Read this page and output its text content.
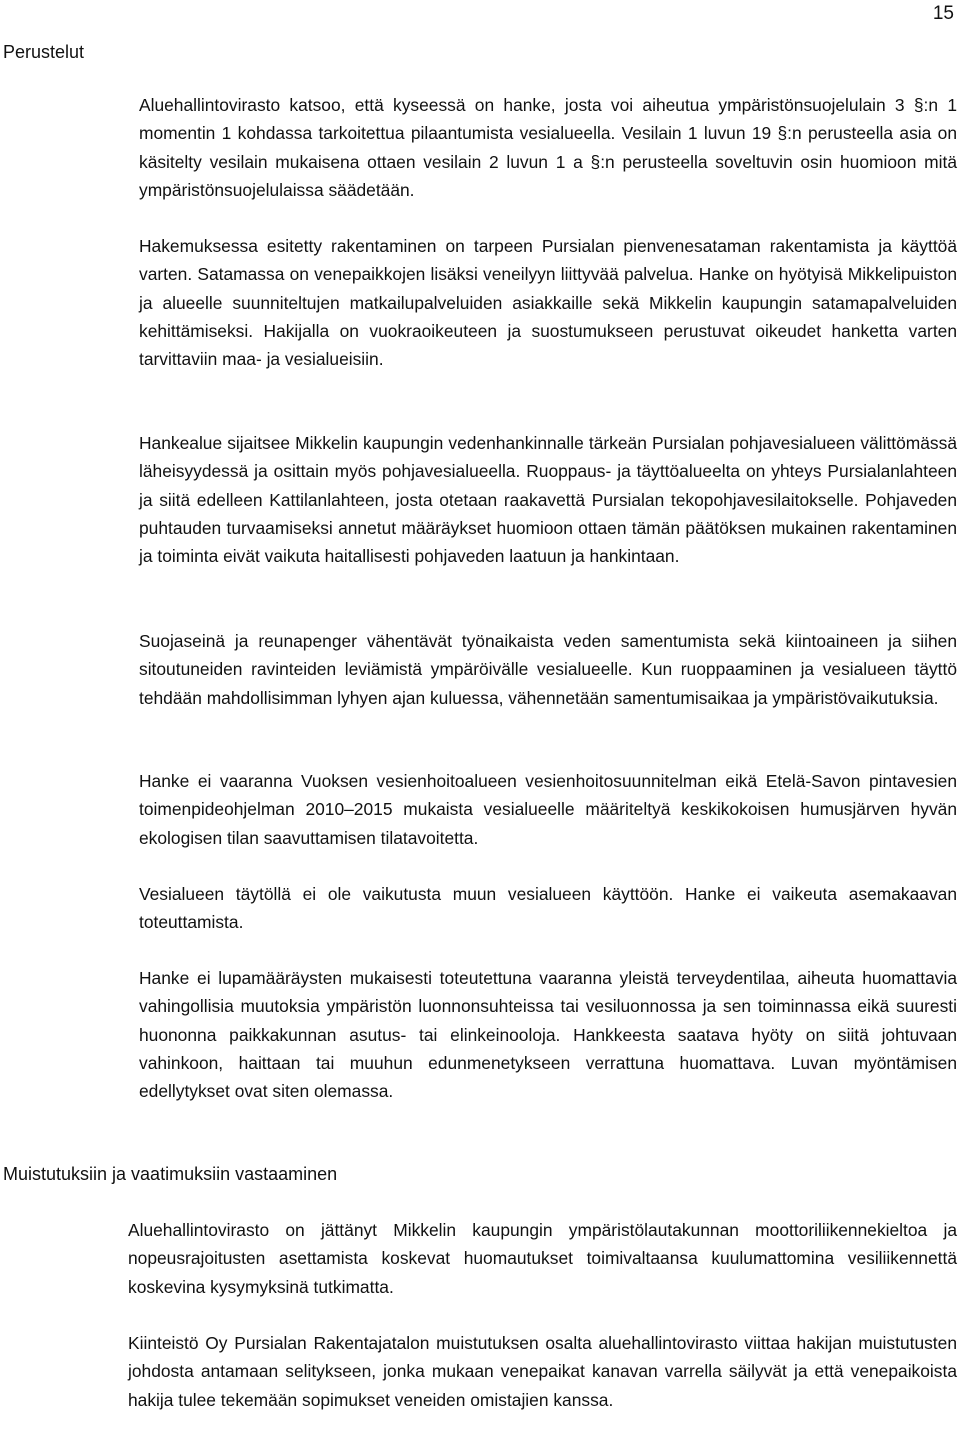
15
Perustelut

Aluehallintovirasto katsoo, että kyseessä on hanke, josta voi aiheutua ympäristönsuojelulain 3 §:n 1 momentin 1 kohdassa tarkoitettua pilaantumista vesialueella. Vesilain 1 luvun 19 §:n perusteella asia on käsitelty vesilain mukaisena ottaen vesilain 2 luvun 1 a §:n perusteella soveltuvin osin huomioon mitä ympäristönsuojelulaissa säädetään.

Hakemuksessa esitetty rakentaminen on tarpeen Pursialan pienvenesataman rakentamista ja käyttöä varten. Satamassa on venepaikkojen lisäksi veneilyyn liittyvää palvelua. Hanke on hyötyisä Mikkelipuiston ja alueelle suunniteltujen matkailupalveluiden asiakkaille sekä Mikkelin kaupungin satamapalveluiden kehittämiseksi. Hakijalla on vuokraoikeuteen ja suostumukseen perustuvat oikeudet hanketta varten tarvittaviin maa- ja vesialueisiin.

Hankealue sijaitsee Mikkelin kaupungin vedenhankinnalle tärkeän Pursialan pohjavesialueen välittömässä läheisyydessä ja osittain myös pohjavesialueella. Ruoppaus- ja täyttöalueelta on yhteys Pursialanlahteen ja siitä edelleen Kattilanlahteen, josta otetaan raakavettä Pursialan tekopohjavesilaitokselle. Pohjaveden puhtauden turvaamiseksi annetut määräykset huomioon ottaen tämän päätöksen mukainen rakentaminen ja toiminta eivät vaikuta haitallisesti pohjaveden laatuun ja hankintaan.

Suojaseinä ja reunapenger vähentävät työnaikaista veden samentumista sekä kiintoaineen ja siihen sitoutuneiden ravinteiden leviämistä ympäröivälle vesialueelle. Kun ruoppaaminen ja vesialueen täyttö tehdään mahdollisimman lyhyen ajan kuluessa, vähennetään samentumisaikaa ja ympäristövaikutuksia.

Hanke ei vaaranna Vuoksen vesienhoitoalueen vesienhoitosuunnitelman eikä Etelä-Savon pintavesien toimenpideohjelman 2010–2015 mukaista vesialueelle määriteltyä keskikokoisen humusjärven hyvän ekologisen tilan saavuttamisen tilatavoitetta.

Vesialueen täytöllä ei ole vaikutusta muun vesialueen käyttöön. Hanke ei vaikeuta asemakaavan toteuttamista.

Hanke ei lupamääräysten mukaisesti toteutettuna vaaranna yleistä terveydentilaa, aiheuta huomattavia vahingollisia muutoksia ympäristön luonnonsuhteissa tai vesiluonnossa ja sen toiminnassa eikä suuresti huononna paikkakunnan asutus- tai elinkeinooloja. Hankkeesta saatava hyöty on siitä johtuvaan vahinkoon, haittaan tai muuhun edunmenetykseen verrattuna huomattava. Luvan myöntämisen edellytykset ovat siten olemassa.

Muistutuksiin ja vaatimuksiin vastaaminen

Aluehallintovirasto on jättänyt Mikkelin kaupungin ympäristölautakunnan moottoriliikennekieltoa ja nopeusrajoitusten asettamista koskevat huomautukset toimivaltaansa kuulumattomina vesiliikennettä koskevina kysymyksinä tutkimatta.

Kiinteistö Oy Pursialan Rakentajatalon muistutuksen osalta aluehallintovirasto viittaa hakijan muistutusten johdosta antamaan selitykseen, jonka mukaan venepaikat kanavan varrella säilyvät ja että venepaikoista hakija tulee tekemään sopimukset veneiden omistajien kanssa.
